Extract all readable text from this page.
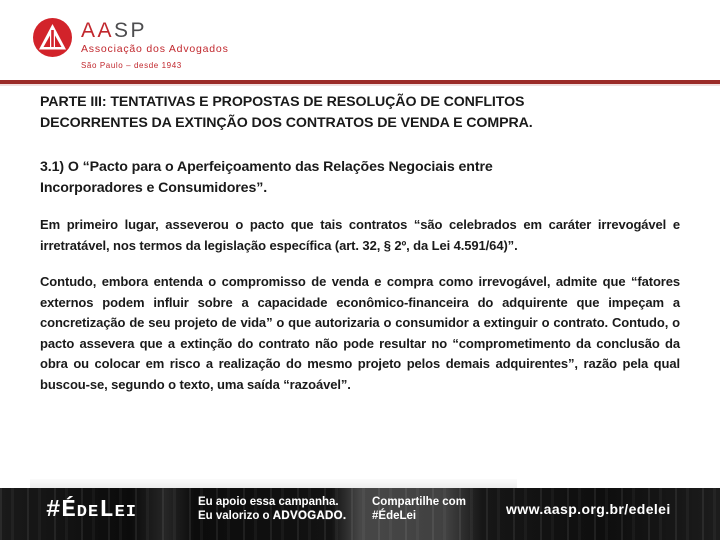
AASP
Associação dos Advogados
São Paulo – desde 1943
PARTE III: TENTATIVAS E PROPOSTAS DE RESOLUÇÃO DE CONFLITOS DECORRENTES DA EXTINÇÃO DOS CONTRATOS DE VENDA E COMPRA.
3.1) O “Pacto para o Aperfeiçoamento das Relações Negociais entre Incorporadores e Consumidores”.
Em primeiro lugar, asseverou o pacto que tais contratos “são celebrados em caráter irrevogável e irretratável, nos termos da legislação específica (art. 32, § 2º, da Lei 4.591/64)”.
Contudo, embora entenda o compromisso de venda e compra como irrevogável, admite que “fatores externos podem influir sobre a capacidade econômico-financeira do adquirente que impeçam a concretização de seu projeto de vida” o que autorizaria o consumidor a extinguir o contrato. Contudo, o pacto assevera que a extinção do contrato não pode resultar no “comprometimento da conclusão da obra ou colocar em risco a realização do mesmo projeto pelos demais adquirentes”, razão pela qual buscou-se, segundo o texto, uma saída “razoável”.
#ÉdeLei	Eu apoio essa campanha.
Eu valorizo o ADVOGADO.
Compartilhe com
#ÉdeLei	www.aasp.org.br/edelei
